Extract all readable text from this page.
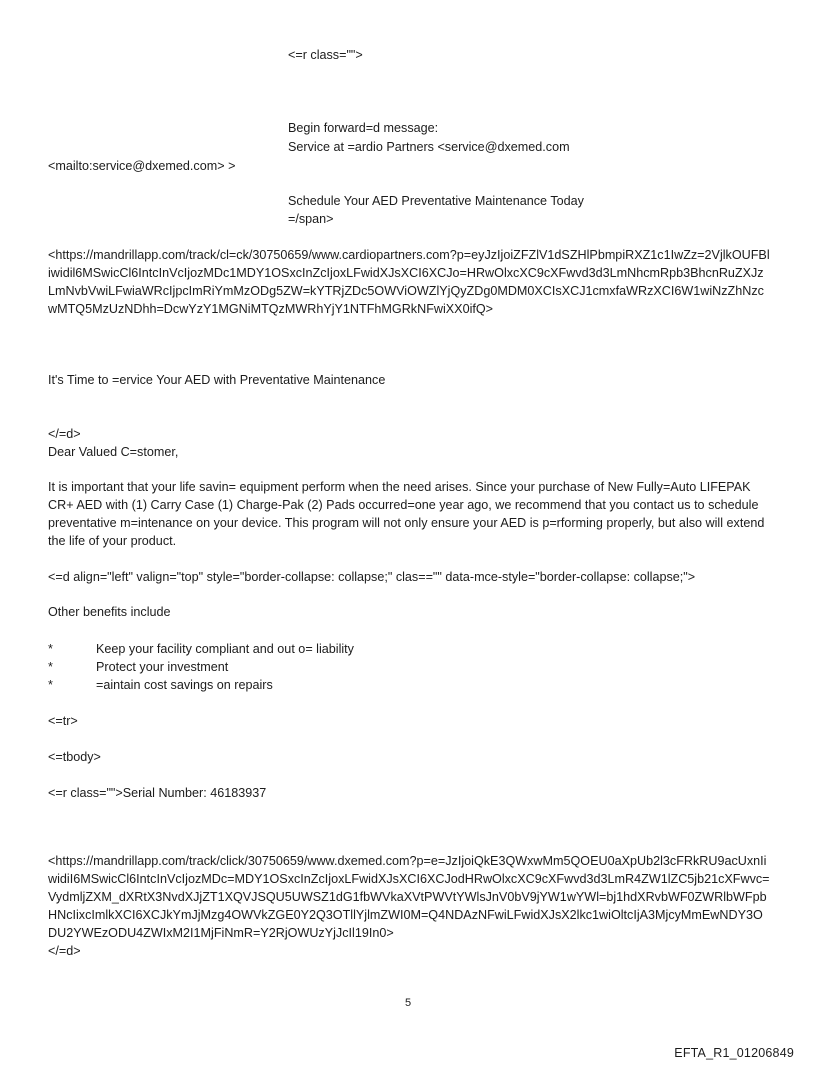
<=r class="">
Begin forward=d message:
Service at =ardio Partners <service@dxemed.com
<mailto:service@dxemed.com> >
Schedule Your AED Preventative Maintenance Today
=/span>
<https://mandrillapp.com/track/cl=ck/30750659/www.cardiopartners.com?p=eyJzIjoiZFZlV1dSZHlPbmpiRXZ1c1IwZz=2VjlkOUFBliwidil6MSwicCl6IntcInVcIjozMDc1MDY1OSxcInZcIjoxLFwidXJsXCI6XCJo=HRwOlxcXC9cXFwvd3d3LmNhcmRpb3BhcnRuZXJzLmNvbVwiLFwiaWRcIjpcImRiYmMzODg5ZW=kYTRjZDc5OWViOWZlYjQyZDg0MDM0XCIsXCJ1cmxfaWRzXCI6W1wiNzZhNzcwMTQ5MzUzNDhh=DcwYzY1MGNiMTQzMWRhYjY1NTFhMGRkNFwiXX0ifQ>
It's Time to =ervice Your AED with Preventative Maintenance
</=d>
Dear Valued C=stomer,
It is important that your life savin= equipment perform when the need arises. Since your purchase of New Fully=Auto LIFEPAK CR+ AED with (1) Carry Case (1) Charge-Pak (2) Pads occurred=one year ago, we recommend that you contact us to schedule preventative m=intenance on your device. This program will not only ensure your AED is p=rforming properly, but also will extend the life of your product.
<=d align="left" valign="top" style="border-collapse: collapse;" clas=="" data-mce-style="border-collapse: collapse;">
Other benefits include
*	Keep your facility compliant and out o= liability
*	Protect your investment
*	=aintain cost savings on repairs
<=tr>
<=tbody>
<=r class="">Serial Number: 46183937
<https://mandrillapp.com/track/click/30750659/www.dxemed.com?p=e=JzIjoiQkE3QWxwMm5QOEU0aXpUb2l3cFRkRU9acUxnIiwidiI6MSwicCl6IntcInVcIjozMDc=MDY1OSxcInZcIjoxLFwidXJsXCI6XCJodHRwOlxcXC9cXFwvd3d3LmR4ZW1lZC5jb21cXFwvc=VydmljZXM_dXRtX3NvdXJjZT1XQVJSQU5UWSZ1dG1fbWVkaXVtPWVtYWlsJnV0bV9jYW1wYWl=bj1hdXRvbWF0ZWRlbWFpbHNcIixcImlkXCI6XCJkYmJjMzg4OWVkZGE0Y2Q3OTllYjlmZWI0M=Q4NDAzNFwiLFwidXJsX2lkc1wiOltcIjA3MjcyMmEwNDY3ODU2YWEzODU4ZWIxM2I1MjFiNmR=Y2RjOWUzYjJcIl19In0>
</=d>
5
EFTA_R1_01206849
